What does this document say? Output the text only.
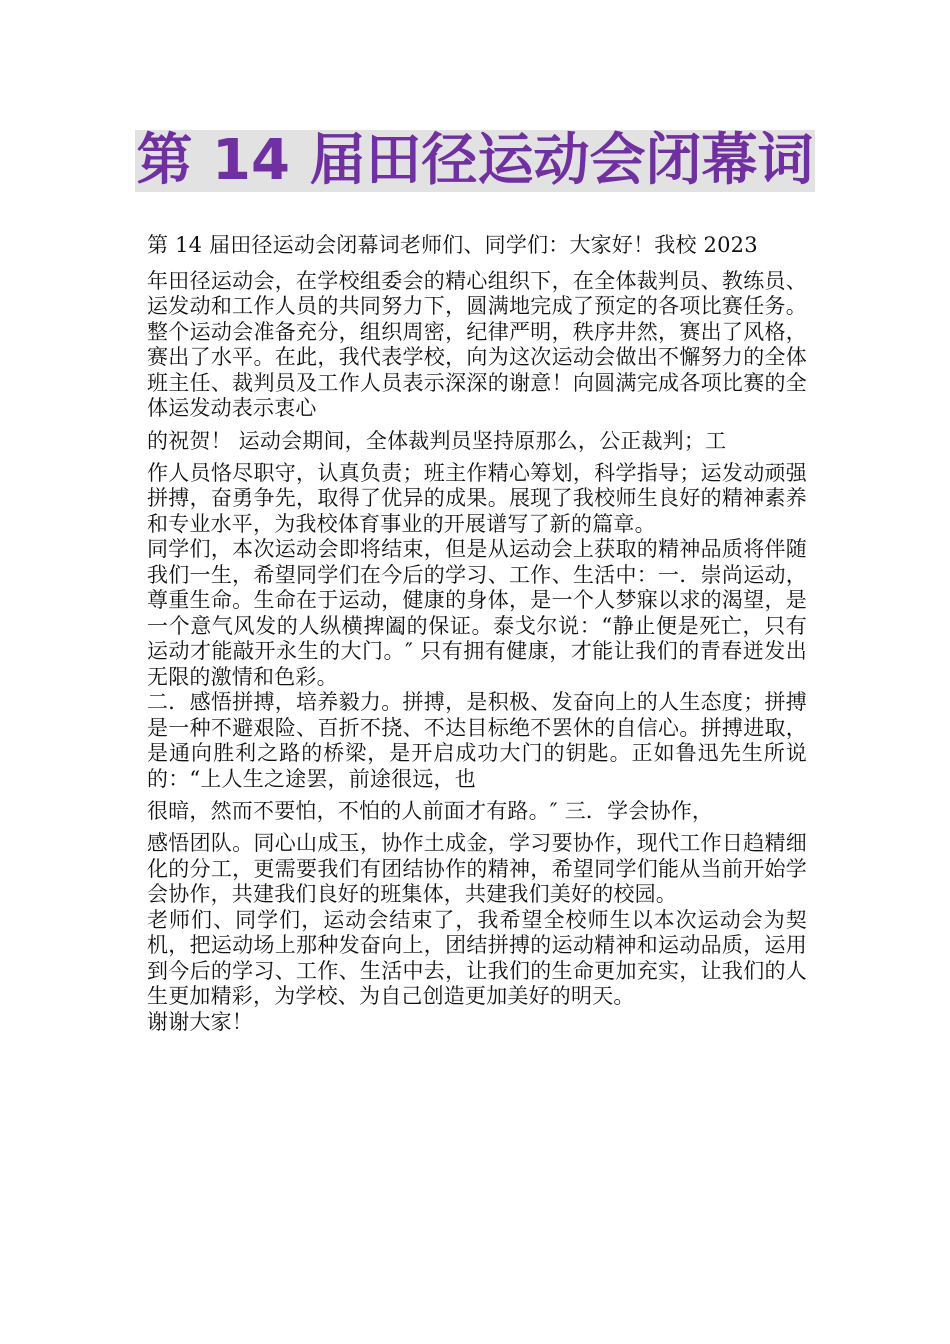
第 14 届田径运动会闭幕词

第 14 届田径运动会闭幕词老师们、同学们：大家好！我校 2023

年田径运动会，在学校组委会的精心组织下，在全体裁判员、教练员、运发动和工作人员的共同努力下，圆满地完成了预定的各项比赛任务。整个运动会准备充分，组织周密，纪律严明，秩序井然，赛出了风格，赛出了水平。在此，我代表学校，向为这次运动会做出不懈努力的全体班主任、裁判员及工作人员表示深深的谢意！向圆满完成各项比赛的全体运发动表示衷心

的祝贺！ 运动会期间，全体裁判员坚持原那么，公正裁判；工

作人员恪尽职守，认真负责；班主作精心筹划，科学指导；运发动顽强拼搏，奋勇争先，取得了优异的成果。展现了我校师生良好的精神素养和专业水平，为我校体育事业的开展谱写了新的篇章。

同学们，本次运动会即将结束，但是从运动会上获取的精神品质将伴随我们一生，希望同学们在今后的学习、工作、生活中：一．崇尚运动，尊重生命。生命在于运动，健康的身体，是一个人梦寐以求的渴望，是一个意气风发的人纵横捭阖的保证。泰戈尔说：“静止便是死亡，只有运动才能敲开永生的大门。″ 只有拥有健康，才能让我们的青春迸发出无限的激情和色彩。

二．感悟拼搏，培养毅力。拼搏，是积极、发奋向上的人生态度；拼搏是一种不避艰险、百折不挠、不达目标绝不罢休的自信心。拼搏进取，是通向胜利之路的桥梁，是开启成功大门的钥匙。正如鲁迅先生所说的：“上人生之途罢，前途很远，也

很暗，然而不要怕，不怕的人前面才有路。″ 三．学会协作，

感悟团队。同心山成玉，协作土成金，学习要协作，现代工作日趋精细化的分工，更需要我们有团结协作的精神，希望同学们能从当前开始学会协作，共建我们良好的班集体，共建我们美好的校园。

老师们、同学们，运动会结束了，我希望全校师生以本次运动会为契机，把运动场上那种发奋向上，团结拼搏的运动精神和运动品质，运用到今后的学习、工作、生活中去，让我们的生命更加充实，让我们的人生更加精彩，为学校、为自己创造更加美好的明天。

谢谢大家！
